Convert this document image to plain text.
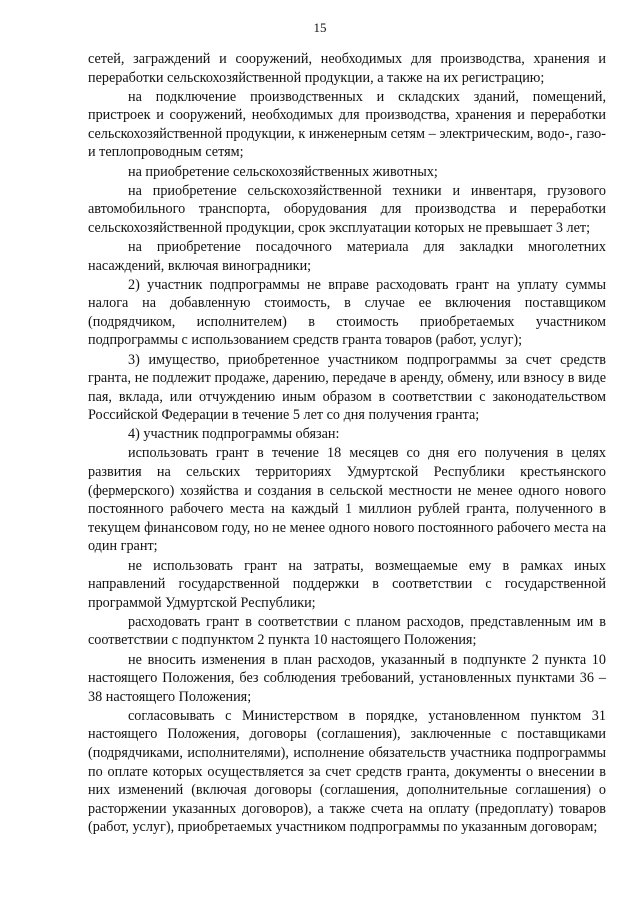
15

сетей, заграждений и сооружений, необходимых для производства, хранения и переработки сельскохозяйственной продукции, а также на их регистрацию;

на подключение производственных и складских зданий, помещений, пристроек и сооружений, необходимых для производства, хранения и переработки сельскохозяйственной продукции, к инженерным сетям – электрическим, водо-, газо- и теплопроводным сетям;

на приобретение сельскохозяйственных животных;

на приобретение сельскохозяйственной техники и инвентаря, грузового автомобильного транспорта, оборудования для производства и переработки сельскохозяйственной продукции, срок эксплуатации которых не превышает 3 лет;

на приобретение посадочного материала для закладки многолетних насаждений, включая виноградники;

2) участник подпрограммы не вправе расходовать грант на уплату суммы налога на добавленную стоимость, в случае ее включения поставщиком (подрядчиком, исполнителем) в стоимость приобретаемых участником подпрограммы с использованием средств гранта товаров (работ, услуг);

3) имущество, приобретенное участником подпрограммы за счет средств гранта, не подлежит продаже, дарению, передаче в аренду, обмену, или взносу в виде пая, вклада, или отчуждению иным образом в соответствии с законодательством Российской Федерации в течение 5 лет со дня получения гранта;

4) участник подпрограммы обязан:

использовать грант в течение 18 месяцев со дня его получения в целях развития на сельских территориях Удмуртской Республики крестьянского (фермерского) хозяйства и создания в сельской местности не менее одного нового постоянного рабочего места на каждый 1 миллион рублей гранта, полученного в текущем финансовом году, но не менее одного нового постоянного рабочего места на один грант;

не использовать грант на затраты, возмещаемые ему в рамках иных направлений государственной поддержки в соответствии с государственной программой Удмуртской Республики;

расходовать грант в соответствии с планом расходов, представленным им в соответствии с подпунктом 2 пункта 10 настоящего Положения;

не вносить изменения в план расходов, указанный в подпункте 2 пункта 10 настоящего Положения, без соблюдения требований, установленных пунктами 36 – 38 настоящего Положения;

согласовывать с Министерством в порядке, установленном пунктом 31 настоящего Положения, договоры (соглашения), заключенные с поставщиками (подрядчиками, исполнителями), исполнение обязательств участника подпрограммы по оплате которых осуществляется за счет средств гранта, документы о внесении в них изменений (включая договоры (соглашения, дополнительные соглашения) о расторжении указанных договоров), а также счета на оплату (предоплату) товаров (работ, услуг), приобретаемых участником подпрограммы по указанным договорам;
